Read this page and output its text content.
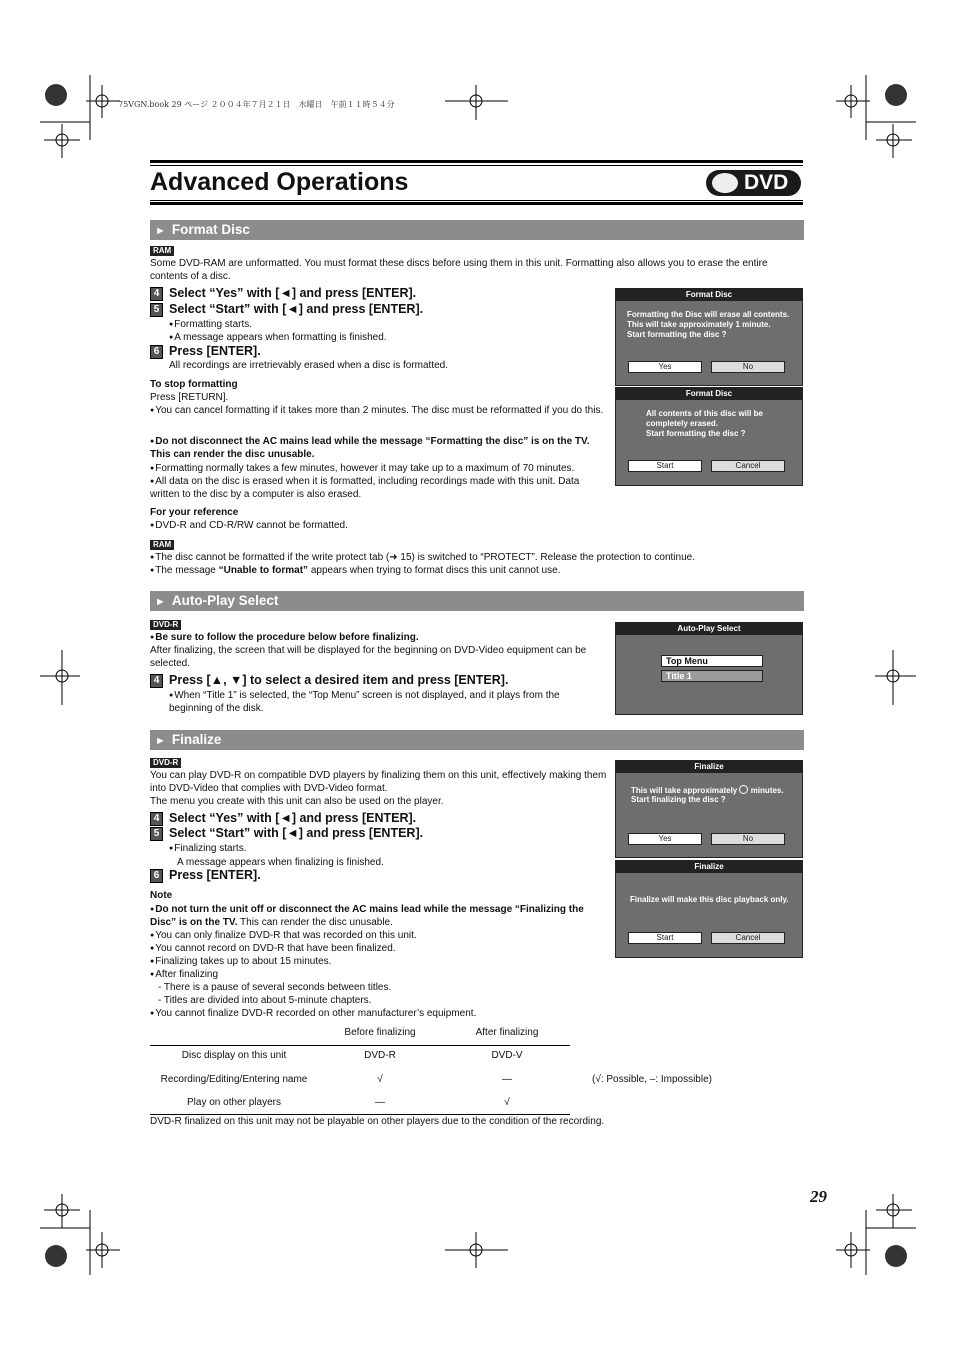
75VGN.book 29 ページ ２００４年７月２１日　水曜日　午前１１時５４分
Advanced Operations	DVD
► Format Disc
RAM
Some DVD-RAM are unformatted. You must format these discs before using them in this unit. Formatting also allows you to erase the entire contents of a disc.
4 Select “Yes” with [◄] and press [ENTER].
5 Select “Start” with [◄] and press [ENTER].
● Formatting starts.
● A message appears when formatting is finished.
6 Press [ENTER].
All recordings are irretrievably erased when a disc is formatted.
To stop formatting
Press [RETURN].
● You can cancel formatting if it takes more than 2 minutes. The disc must be reformatted if you do this.
● Do not disconnect the AC mains lead while the message “Formatting the disc” is on the TV. This can render the disc unusable.
● Formatting normally takes a few minutes, however it may take up to a maximum of 70 minutes.
● All data on the disc is erased when it is formatted, including recordings made with this unit. Data written to the disc by a computer is also erased.
For your reference
● DVD-R and CD-R/RW cannot be formatted.
RAM
● The disc cannot be formatted if the write protect tab (➜ 15) is switched to “PROTECT”. Release the protection to continue.
● The message “Unable to format” appears when trying to format discs this unit cannot use.
Format Disc
Formatting the Disc will erase all contents.
This will take approximately 1 minute.
Start formatting the disc ?
Yes	No
Format Disc
All contents of this disc will be
completely erased.
Start formatting the disc ?
Start	Cancel
► Auto-Play Select
DVD-R
● Be sure to follow the procedure below before finalizing.
After finalizing, the screen that will be displayed for the beginning on DVD-Video equipment can be selected.
4 Press [▲, ▼] to select a desired item and press [ENTER].
● When “Title 1” is selected, the “Top Menu” screen is not displayed, and it plays from the beginning of the disk.
Auto-Play Select
Top Menu
Title 1
► Finalize
DVD-R
You can play DVD-R on compatible DVD players by finalizing them on this unit, effectively making them into DVD-Video that complies with DVD-Video format.
The menu you create with this unit can also be used on the player.
4 Select “Yes” with [◄] and press [ENTER].
5 Select “Start” with [◄] and press [ENTER].
● Finalizing starts.
A message appears when finalizing is finished.
6 Press [ENTER].
Note
● Do not turn the unit off or disconnect the AC mains lead while the message “Finalizing the Disc” is on the TV. This can render the disc unusable.
● You can only finalize DVD-R that was recorded on this unit.
● You cannot record on DVD-R that have been finalized.
● Finalizing takes up to about 15 minutes.
● After finalizing
- There is a pause of several seconds between titles.
- Titles are divided into about 5-minute chapters.
● You cannot finalize DVD-R recorded on other manufacturer’s equipment.
Before finalizing	After finalizing
Disc display on this unit	DVD-R	DVD-V
Recording/Editing/Entering name	√	—	(√: Possible, –: Impossible)
Play on other players	—	√
DVD-R finalized on this unit may not be playable on other players due to the condition of the recording.
Finalize
This will take approximately  minutes.
Start finalizing the disc ?
Yes	No
Finalize
Finalize will make this disc playback only.
Start	Cancel
29
